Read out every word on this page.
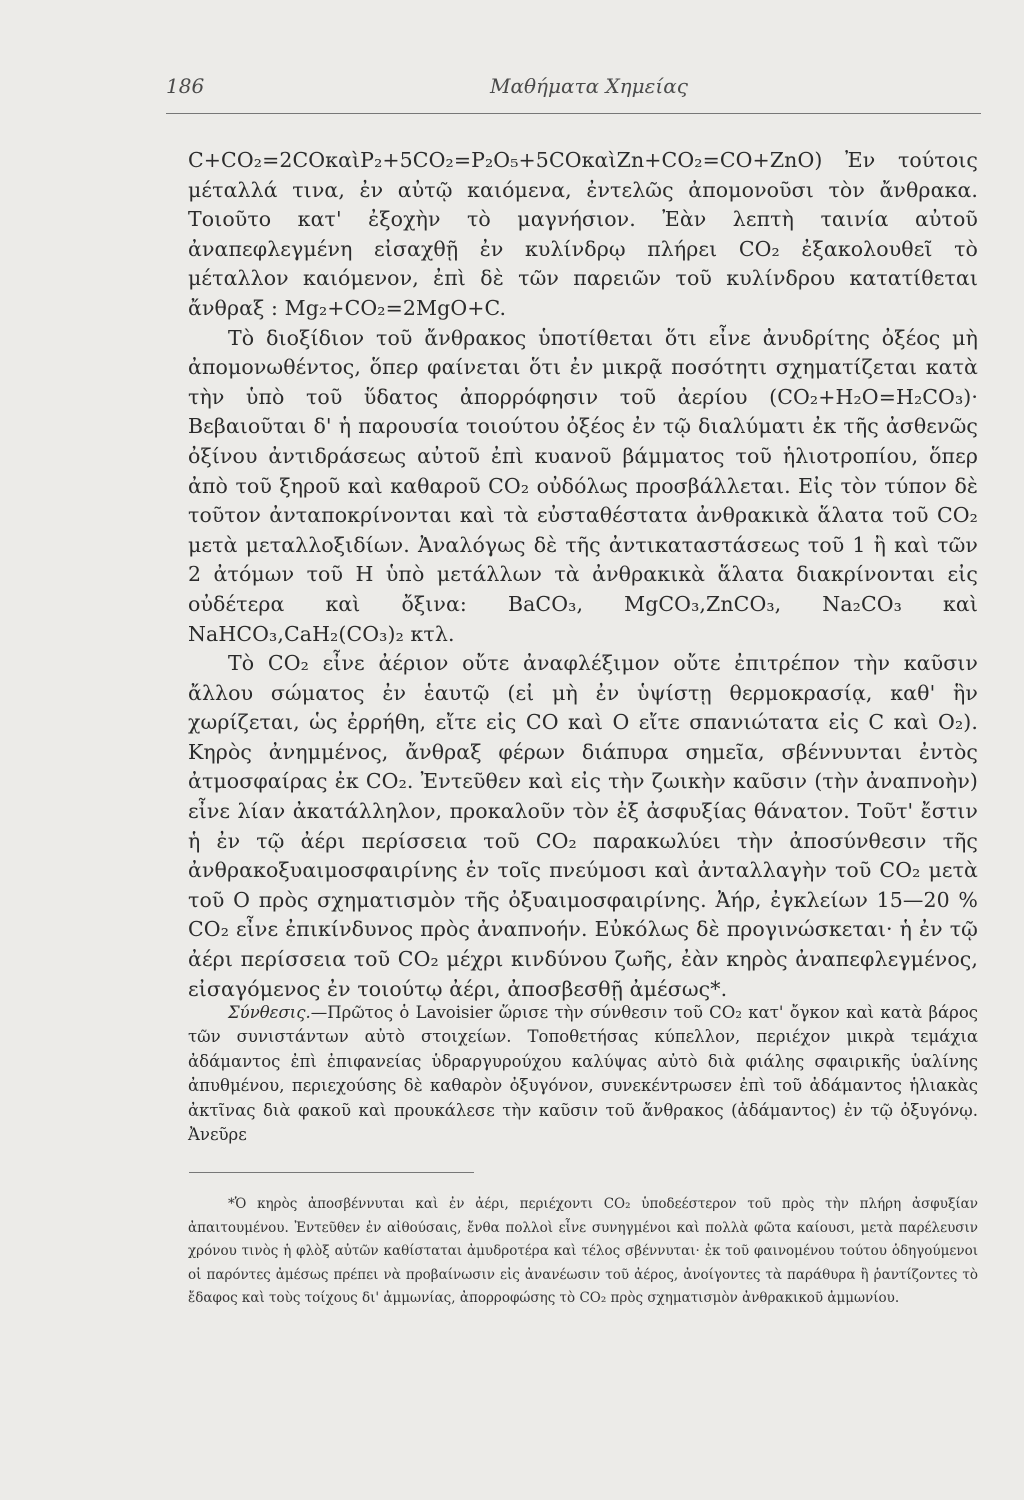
186	Μαθήματα Χημείας

C+CO₂=2COκαὶP₂+5CO₂=P₂O₅+5COκαὶZn+CO₂=CO+ZnO) Ἐν τούτοις μέταλλά τινα, ἐν αὐτῷ καιόμενα, ἐντελῶς ἀπομονοῦσι τὸν ἄνθρακα. Τοιοῦτο κατ' ἐξοχὴν τὸ μαγνήσιον. Ἐὰν λεπτὴ ταινία αὐτοῦ ἀναπεφλεγμένη εἰσαχθῇ ἐν κυλίνδρῳ πλήρει CO₂ ἐξακολουθεῖ τὸ μέταλλον καιόμενον, ἐπὶ δὲ τῶν παρειῶν τοῦ κυλίνδρου κατατίθεται ἄνθραξ : Mg₂+CO₂=2MgO+C.

Τὸ διοξίδιον τοῦ ἄνθρακος ὑποτίθεται ὅτι εἶνε ἀνυδρίτης ὀξέος μὴ ἀπομονωθέντος, ὅπερ φαίνεται ὅτι ἐν μικρᾷ ποσότητι σχηματίζεται κατὰ τὴν ὑπὸ τοῦ ὕδατος ἀπορρόφησιν τοῦ ἀερίου (CO₂+H₂O=H₂CO₃)· Βεβαιοῦται δ' ἡ παρουσία τοιούτου ὀξέος ἐν τῷ διαλύματι ἐκ τῆς ἀσθενῶς ὀξίνου ἀντιδράσεως αὐτοῦ ἐπὶ κυανοῦ βάμματος τοῦ ἡλιοτροπίου, ὅπερ ἀπὸ τοῦ ξηροῦ καὶ καθαροῦ CO₂ οὐδόλως προσβάλλεται. Εἰς τὸν τύπον δὲ τοῦτον ἀνταποκρίνονται καὶ τὰ εὐσταθέστατα ἀνθρακικὰ ἅλατα τοῦ CO₂ μετὰ μεταλλοξιδίων. Ἀναλόγως δὲ τῆς ἀντικαταστάσεως τοῦ 1 ἢ καὶ τῶν 2 ἀτόμων τοῦ H ὑπὸ μετάλλων τὰ ἀνθρακικὰ ἅλατα διακρίνονται εἰς οὐδέτερα καὶ ὄξινα: BaCO₃, MgCO₃,ZnCO₃, Na₂CO₃ καὶ NaHCO₃,CaH₂(CO₃)₂ κτλ.

Τὸ CO₂ εἶνε ἀέριον οὔτε ἀναφλέξιμον οὔτε ἐπιτρέπον τὴν καῦσιν ἄλλου σώματος ἐν ἑαυτῷ (εἰ μὴ ἐν ὑψίστῃ θερμοκρασίᾳ, καθ' ἣν χωρίζεται, ὡς ἐρρήθη, εἴτε εἰς CO καὶ O εἴτε σπανιώτατα εἰς C καὶ O₂). Κηρὸς ἀνημμένος, ἄνθραξ φέρων διάπυρα σημεῖα, σβέννυνται ἐντὸς ἀτμοσφαίρας ἐκ CO₂. Ἐντεῦθεν καὶ εἰς τὴν ζωικὴν καῦσιν (τὴν ἀναπνοὴν) εἶνε λίαν ἀκατάλληλον, προκαλοῦν τὸν ἐξ ἀσφυξίας θάνατον. Τοῦτ' ἔστιν ἡ ἐν τῷ ἀέρι περίσσεια τοῦ CO₂ παρακωλύει τὴν ἀποσύνθεσιν τῆς ἀνθρακοξυαιμοσφαιρίνης ἐν τοῖς πνεύμοσι καὶ ἀνταλλαγὴν τοῦ CO₂ μετὰ τοῦ O πρὸς σχηματισμὸν τῆς ὀξυαιμοσφαιρίνης. Ἀήρ, ἐγκλείων 15—20 % CO₂ εἶνε ἐπικίνδυνος πρὸς ἀναπνοήν. Εὐκόλως δὲ προγινώσκεται· ἡ ἐν τῷ ἀέρι περίσσεια τοῦ CO₂ μέχρι κινδύνου ζωῆς, ἐὰν κηρὸς ἀναπεφλεγμένος, εἰσαγόμενος ἐν τοιούτῳ ἀέρι, ἀποσβεσθῇ ἀμέσως*.

Σύνθεσις.—Πρῶτος ὁ Lavoisier ὥρισε τὴν σύνθεσιν τοῦ CO₂ κατ' ὄγκον καὶ κατὰ βάρος τῶν συνιστάντων αὐτὸ στοιχείων. Τοποθετήσας κύπελλον, περιέχον μικρὰ τεμάχια ἀδάμαντος ἐπὶ ἐπιφανείας ὑδραργυρούχου καλύψας αὐτὸ διὰ φιάλης σφαιρικῆς ὑαλίνης ἀπυθμένου, περιεχούσης δὲ καθαρὸν ὀξυγόνον, συνεκέντρωσεν ἐπὶ τοῦ ἀδάμαντος ἡλιακὰς ἀκτῖνας διὰ φακοῦ καὶ προυκάλεσε τὴν καῦσιν τοῦ ἄνθρακος (ἀδάμαντος) ἐν τῷ ὀξυγόνῳ. Ἀνεῦρε

*Ὁ κηρὸς ἀποσβέννυται καὶ ἐν ἀέρι, περιέχοντι CO₂ ὑποδεέστερον τοῦ πρὸς τὴν πλήρη ἀσφυξίαν ἀπαιτουμένου. Ἐντεῦθεν ἐν αἰθούσαις, ἔνθα πολλοὶ εἶνε συνηγμένοι καὶ πολλὰ φῶτα καίουσι, μετὰ παρέλευσιν χρόνου τινὸς ἡ φλὸξ αὐτῶν καθίσταται ἀμυδροτέρα καὶ τέλος σβέννυται· ἐκ τοῦ φαινομένου τούτου ὁδηγούμενοι οἱ παρόντες ἀμέσως πρέπει νὰ προβαίνωσιν εἰς ἀνανέωσιν τοῦ ἀέρος, ἀνοίγοντες τὰ παράθυρα ἢ ῥαντίζοντες τὸ ἔδαφος καὶ τοὺς τοίχους δι' ἀμμωνίας, ἀπορροφώσης τὸ CO₂ πρὸς σχηματισμὸν ἀνθρακικοῦ ἀμμωνίου.
